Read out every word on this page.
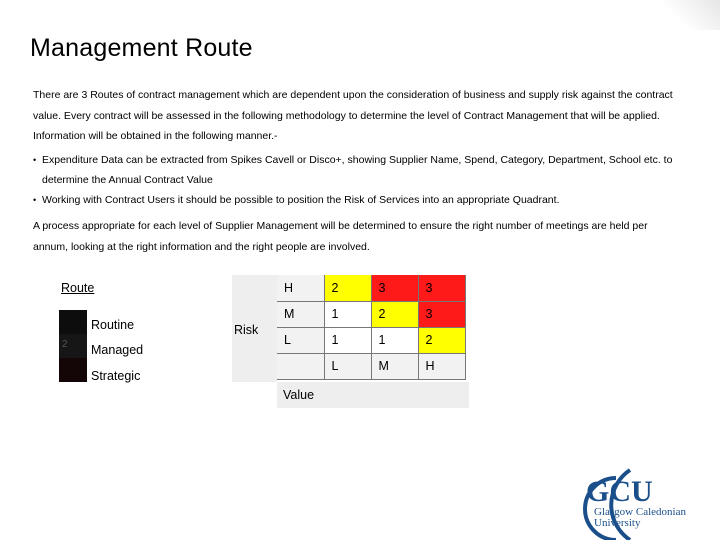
Management Route
There are 3 Routes of contract management which are dependent upon the consideration of business and supply risk against the contract value. Every contract will be assessed in the following methodology to determine the level of Contract Management that will be applied. Information will be obtained in the following manner.-
• Expenditure Data can be extracted from Spikes Cavell or Disco+, showing Supplier Name, Spend, Category, Department, School etc. to determine the Annual Contract Value
• Working with Contract Users it should be possible to position the Risk of Services into an appropriate Quadrant.
A process appropriate for each level of Supplier Management will be determined to ensure the right number of meetings are held per annum, looking at the right information and the right people are involved.
Route
2
Routine
Managed
Strategic
Risk
Value
H	2	3	3
M	1	2	3
L	1	1	2
	L	M	H
GCU
Glasgow Caledonian
University
